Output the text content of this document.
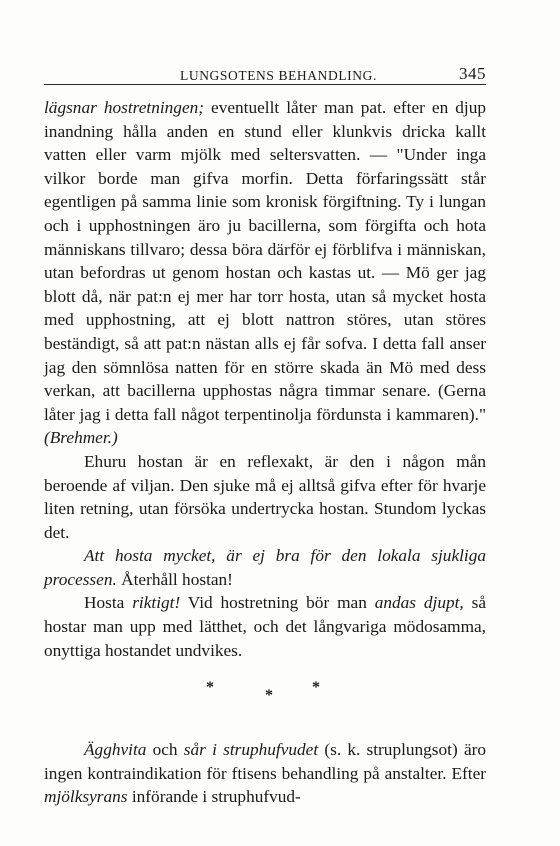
LUNGSOTENS BEHANDLING.	345

lägsnar hostretningen; eventuellt låter man pat. efter en djup inandning hålla anden en stund eller klunkvis dricka kallt vatten eller varm mjölk med seltersvatten. — "Under inga vilkor borde man gifva morfin. Detta förfaringssätt står egentligen på samma linie som kronisk förgiftning. Ty i lungan och i upphostningen äro ju bacillerna, som förgifta och hota människans tillvaro; dessa böra därför ej förblifva i människan, utan befordras ut genom hostan och kastas ut. — Mö ger jag blott då, när pat:n ej mer har torr hosta, utan så mycket hosta med upphostning, att ej blott nattron störes, utan störes beständigt, så att pat:n nästan alls ej får sofva. I detta fall anser jag den sömnlösa natten för en större skada än Mö med dess verkan, att bacillerna upphostas några timmar senare. (Gerna låter jag i detta fall något terpentinolja fördunsta i kammaren)." (Brehmer.)

Ehuru hostan är en reflexakt, är den i någon mån beroende af viljan. Den sjuke må ej alltså gifva efter för hvarje liten retning, utan försöka undertrycka hostan. Stundom lyckas det.

Att hosta mycket, är ej bra för den lokala sjukliga processen. Återhåll hostan!

Hosta riktigt! Vid hostretning bör man andas djupt, så hostar man upp med lätthet, och det långvariga mödosamma, onyttiga hostandet undvikes.

*	* *

Ägghvita och sår i struphufvudet (s. k. struplungsot) äro ingen kontraindikation för ftisens behandling på anstalter. Efter mjölksyrans införande i struphufvud-
